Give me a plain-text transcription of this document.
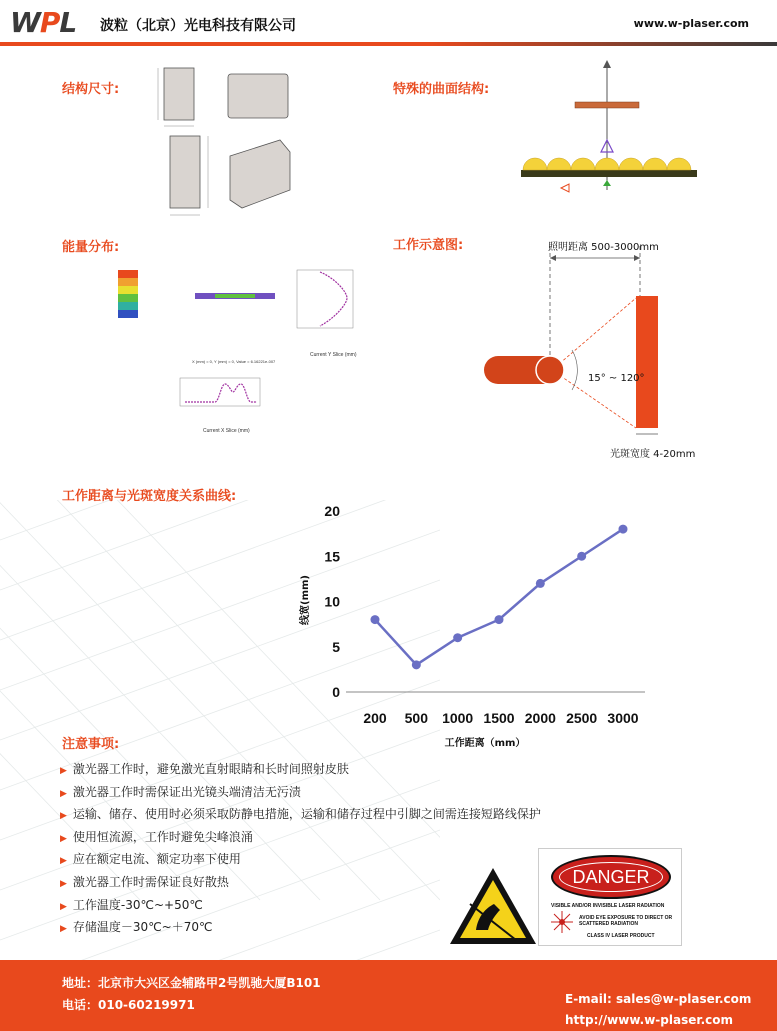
WPL 波粒（北京）光电科技有限公司	www.w-plaser.com
结构尺寸:	特殊的曲面结构:
能量分布:	工作示意图:
工作距离与光斑宽度关系曲线:
注意事项:
Current Y Slice (mm)
X (mm) = 0, Y (mm) = 0, Value = 6.16221e-007
Current X Slice (mm)
照明距离 500-3000mm
15° ~ 120°
光斑宽度 4-20mm
线宽(mm)
工作距离（mm）
0
5
10
15
20
200 500 1000 1500 2000 2500 3000
▶ 激光器工作时，避免激光直射眼睛和长时间照射皮肤
▶ 激光器工作时需保证出光镜头端清洁无污渍
▶ 运输、储存、使用时必须采取防静电措施，运输和储存过程中引脚之间需连接短路线保护
▶ 使用恒流源，工作时避免尖峰浪涌
▶ 应在额定电流、额定功率下使用
▶ 激光器工作时需保证良好散热
▶ 工作温度-30℃~+50℃
▶ 存储温度－30℃~＋70℃
DANGER
VISIBLE AND/OR INVISIBLE LASER RADIATION
AVOID EYE EXPOSURE TO DIRECT OR SCATTERED RADIATION
CLASS IV LASER PRODUCT
地址：北京市大兴区金辅路甲2号凯驰大厦B101
电话：010-60219971	E-mail: sales@w-plaser.com
http://www.w-plaser.com
